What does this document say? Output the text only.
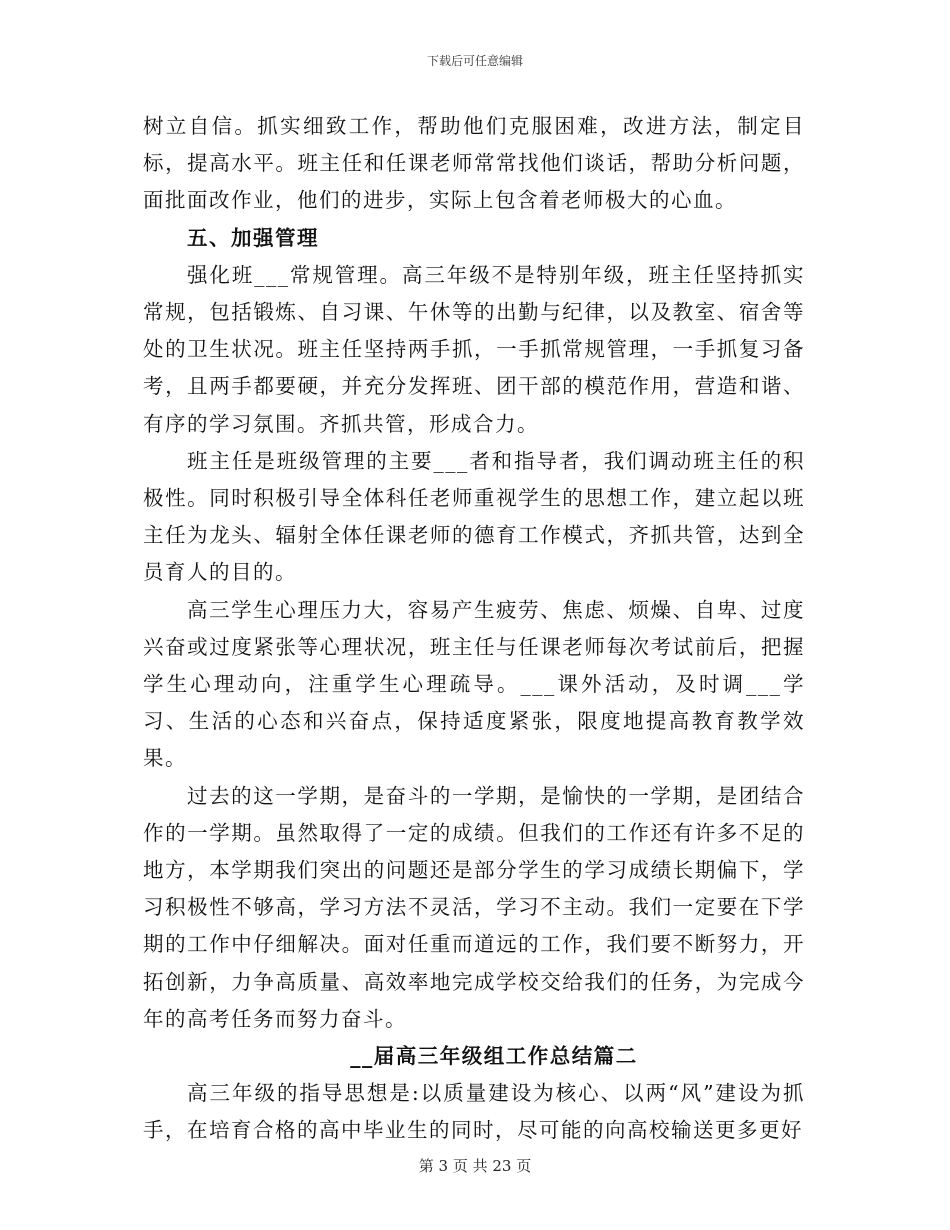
下载后可任意编辑

树立自信。抓实细致工作，帮助他们克服困难，改进方法，制定目标，提高水平。班主任和任课老师常常找他们谈话，帮助分析问题，面批面改作业，他们的进步，实际上包含着老师极大的心血。

五、加强管理

强化班___常规管理。高三年级不是特别年级，班主任坚持抓实常规，包括锻炼、自习课、午休等的出勤与纪律，以及教室、宿舍等处的卫生状况。班主任坚持两手抓，一手抓常规管理，一手抓复习备考，且两手都要硬，并充分发挥班、团干部的模范作用，营造和谐、有序的学习氛围。齐抓共管，形成合力。

班主任是班级管理的主要___者和指导者，我们调动班主任的积极性。同时积极引导全体科任老师重视学生的思想工作，建立起以班主任为龙头、辐射全体任课老师的德育工作模式，齐抓共管，达到全员育人的目的。

高三学生心理压力大，容易产生疲劳、焦虑、烦燥、自卑、过度兴奋或过度紧张等心理状况，班主任与任课老师每次考试前后，把握学生心理动向，注重学生心理疏导。___课外活动，及时调___学习、生活的心态和兴奋点，保持适度紧张，限度地提高教育教学效果。

过去的这一学期，是奋斗的一学期，是愉快的一学期，是团结合作的一学期。虽然取得了一定的成绩。但我们的工作还有许多不足的地方，本学期我们突出的问题还是部分学生的学习成绩长期偏下，学习积极性不够高，学习方法不灵活，学习不主动。我们一定要在下学期的工作中仔细解决。面对任重而道远的工作，我们要不断努力，开拓创新，力争高质量、高效率地完成学校交给我们的任务，为完成今年的高考任务而努力奋斗。

__届高三年级组工作总结篇二

高三年级的指导思想是:以质量建设为核心、以两“风”建设为抓手，在培育合格的高中毕业生的同时，尽可能的向高校输送更多更好

第 3 页 共 23 页
